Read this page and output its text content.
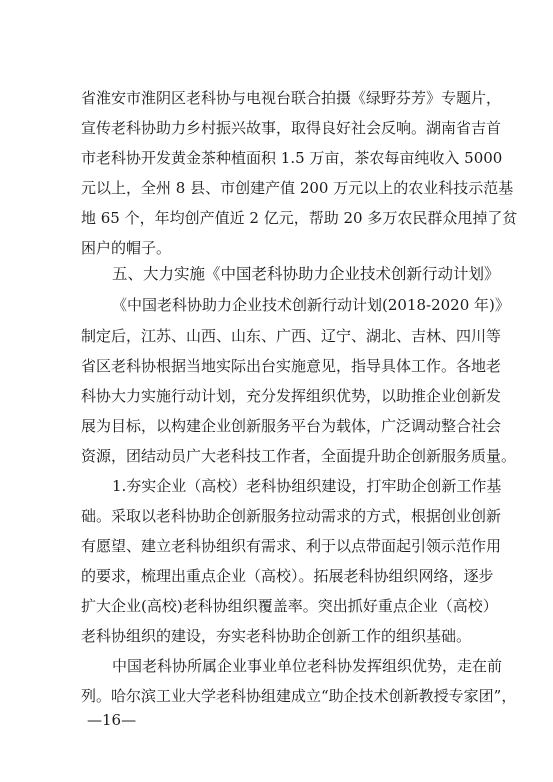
省淮安市淮阴区老科协与电视台联合拍摄《绿野芬芳》专题片，
宣传老科协助力乡村振兴故事，取得良好社会反响。湖南省吉首
市老科协开发黄金茶种植面积 1.5 万亩，茶农每亩纯收入 5000
元以上，全州 8 县、市创建产值 200 万元以上的农业科技示范基
地 65 个，年均创产值近 2 亿元，帮助 20 多万农民群众甩掉了贫
困户的帽子。
五、大力实施《中国老科协助力企业技术创新行动计划》
《中国老科协助力企业技术创新行动计划(2018-2020 年)》
制定后，江苏、山西、山东、广西、辽宁、湖北、吉林、四川等
省区老科协根据当地实际出台实施意见，指导具体工作。各地老
科协大力实施行动计划，充分发挥组织优势，以助推企业创新发
展为目标，以构建企业创新服务平台为载体，广泛调动整合社会
资源，团结动员广大老科技工作者，全面提升助企创新服务质量。
1.夯实企业（高校）老科协组织建设，打牢助企创新工作基
础。采取以老科协助企创新服务拉动需求的方式，根据创业创新
有愿望、建立老科协组织有需求、利于以点带面起引领示范作用
的要求，梳理出重点企业（高校）。拓展老科协组织网络，逐步
扩大企业(高校)老科协组织覆盖率。突出抓好重点企业（高校）
老科协组织的建设，夯实老科协助企创新工作的组织基础。
中国老科协所属企业事业单位老科协发挥组织优势，走在前
列。哈尔滨工业大学老科协组建成立“助企技术创新教授专家团”，
—16—
